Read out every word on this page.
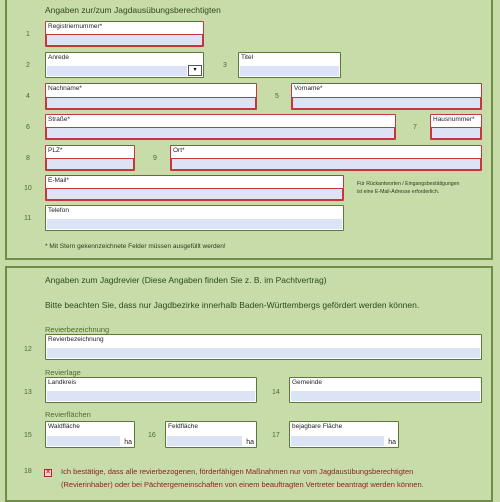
Angaben zur/zum Jagdausübungsberechtigten
1
Registriernummer*
2
Anrede
▾
3
Titel
4
Nachname*
5
Vorname*
6
Straße*
7
Hausnummer*
8
PLZ*
9
Ort*
10
E-Mail*	Für Rückantworten / Eingangsbestätigungen
ist eine E-Mail-Adresse erforderlich.
11
Telefon
* Mit Stern gekennzeichnete Felder müssen ausgefüllt werden!
Angaben zum Jagdrevier (Diese Angaben finden Sie z. B. im Pachtvertrag)
Bitte beachten Sie, dass nur Jagdbezirke innerhalb Baden-Württembergs gefördert werden können.
Revierbezeichnung
12
Revierbezeichnung
Revierlage
13
Landkreis
14
Gemeinde
Revierflächen
15
Waldfläche
ha
16
Feldfläche
ha
17
bejagbare Fläche
ha
18 ✕ Ich bestätige, dass alle revierbezogenen, förderfähigen Maßnahmen nur vom Jagdausübungsberechtigten
(Revierinhaber) oder bei Pächtergemeinschaften von einem beauftragten Vertreter beantragt werden können.
